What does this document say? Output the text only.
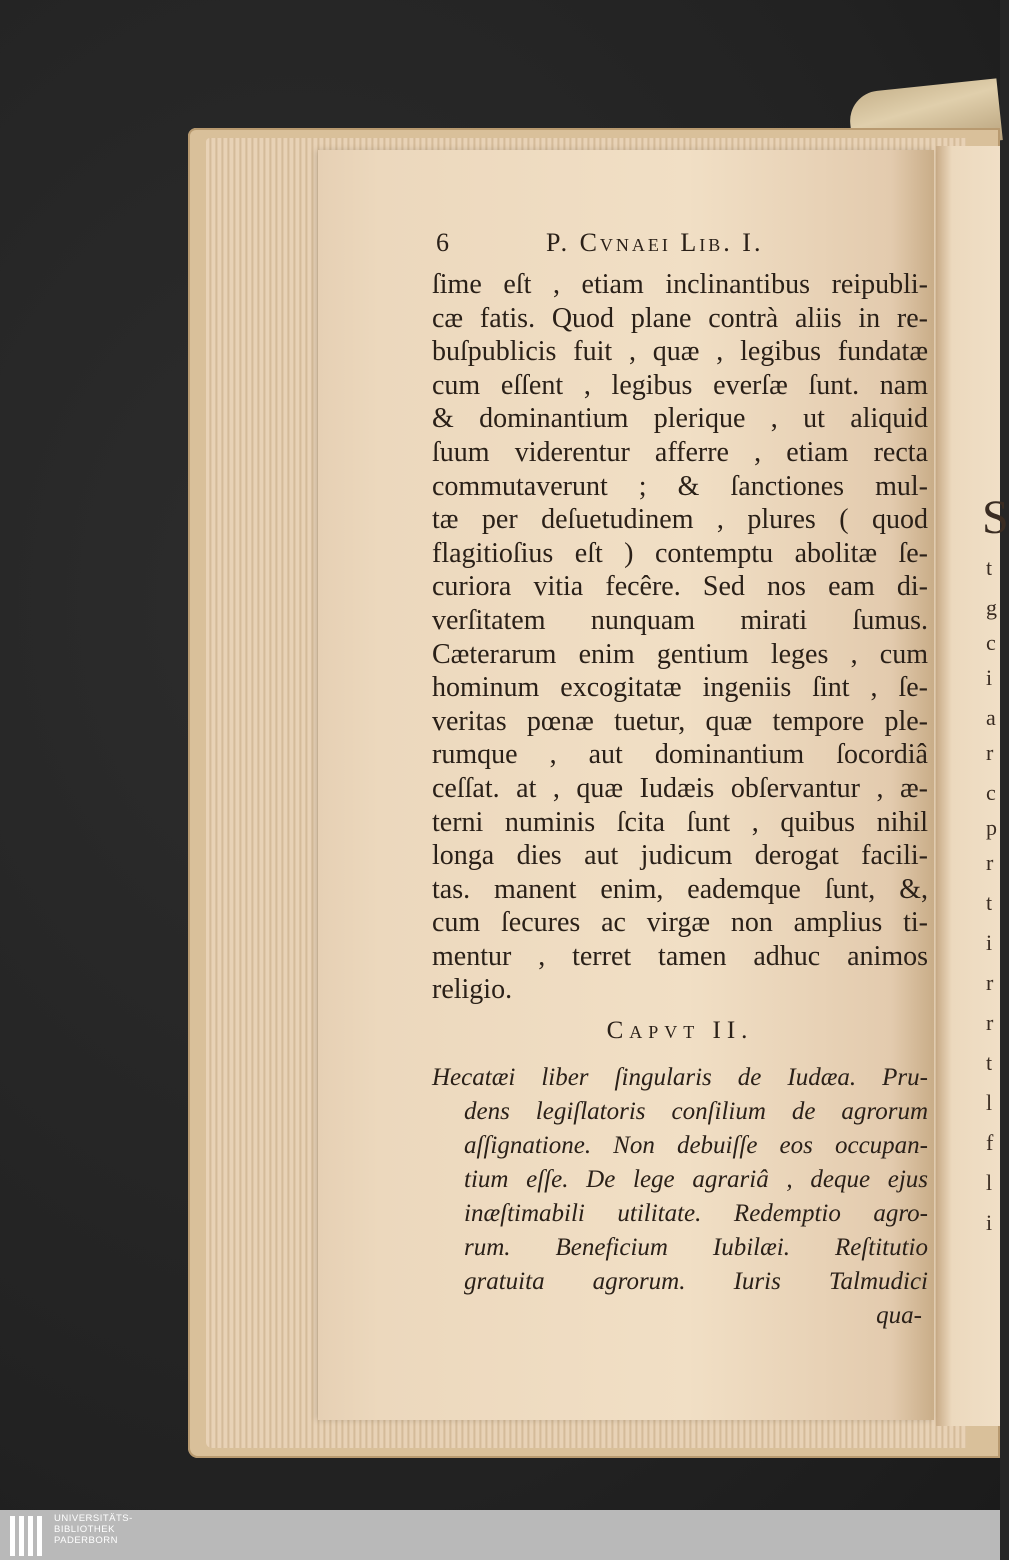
S
t
g
c
i
a
r
c
p
r
t
i
r
r
t
l
f
l
i
6	P. Cvnaei Lib. I.
ſime eſt , etiam inclinantibus reipubli-
cæ fatis. Quod plane contrà aliis in re-
buſpublicis fuit , quæ , legibus fundatæ
cum eſſent , legibus everſæ ſunt. nam
& dominantium plerique , ut aliquid
ſuum viderentur afferre , etiam recta
commutaverunt ; & ſanctiones mul-
tæ per deſuetudinem , plures ( quod
flagitioſius eſt ) contemptu abolitæ ſe-
curiora vitia fecêre. Sed nos eam di-
verſitatem nunquam mirati ſumus.
Cæterarum enim gentium leges , cum
hominum excogitatæ ingeniis ſint , ſe-
veritas pœnæ tuetur, quæ tempore ple-
rumque , aut dominantium ſocordiâ
ceſſat. at , quæ Iudæis obſervantur , æ-
terni numinis ſcita ſunt , quibus nihil
longa dies aut judicum derogat facili-
tas. manent enim, eademque ſunt, &,
cum ſecures ac virgæ non amplius ti-
mentur , terret tamen adhuc animos
religio.
Capvt II.
Hecatæi liber ſingularis de Iudæa. Pru-
dens legiſlatoris conſilium de agrorum
aſſignatione. Non debuiſſe eos occupan-
tium eſſe. De lege agrariâ , deque ejus
inæſtimabili utilitate. Redemptio agro-
rum. Beneficium Iubilæi. Reſtitutio
gratuita agrorum. Iuris Talmudici
qua-
UNIVERSITÄTS-
BIBLIOTHEK
PADERBORN
